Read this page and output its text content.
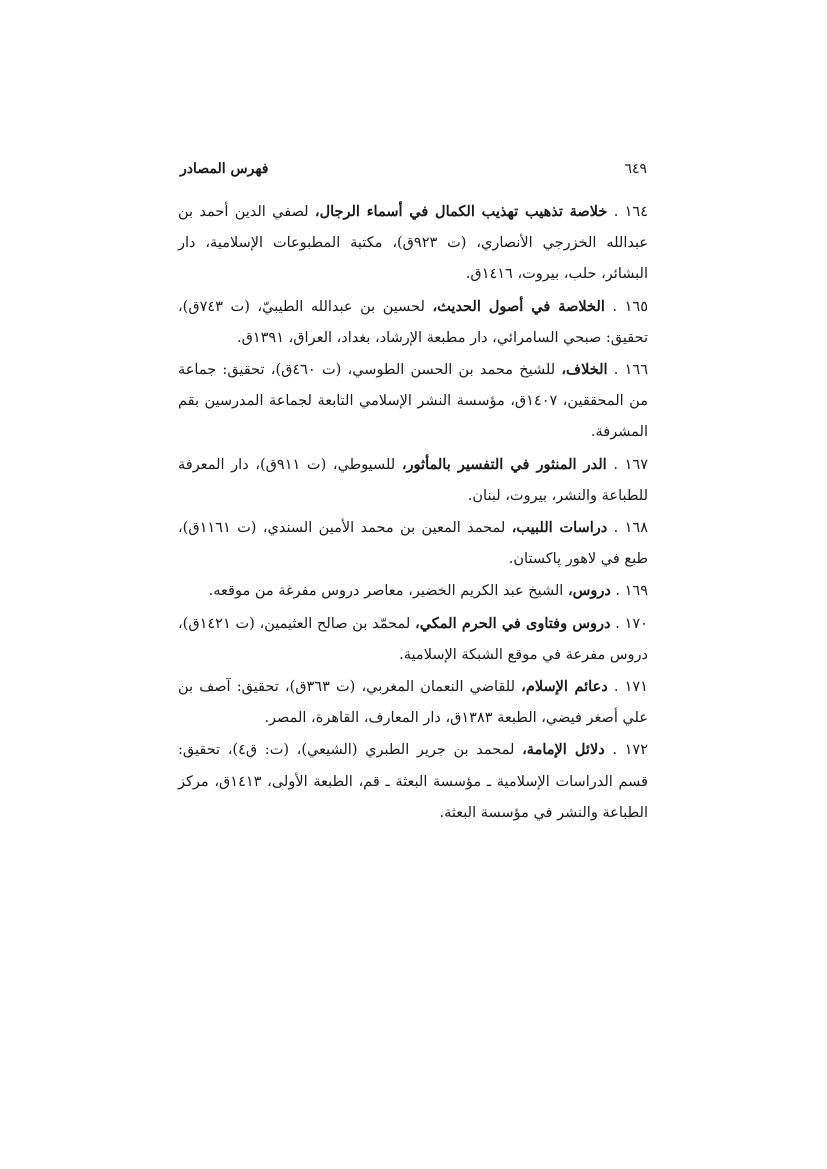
فهرس المصادر	٦٤٩

١٦٤ . خلاصة تذهيب تهذيب الكمال في أسماء الرجال، لصفي الدين أحمد بن عبدالله الخزرجي الأنصاري، (ت ٩٢٣ق)، مكتبة المطبوعات الإسلامية، دار البشائر، حلب، بيروت، ١٤١٦ق.

١٦٥ . الخلاصة في أصول الحديث، لحسين بن عبدالله الطيبيّ، (ت ٧٤٣ق)، تحقيق: صبحي السامرائي، دار مطبعة الإرشاد، بغداد، العراق، ١٣٩١ق.

١٦٦ . الخلاف، للشيخ محمد بن الحسن الطوسي، (ت ٤٦٠ق)، تحقيق: جماعة من المحققين، ١٤٠٧ق، مؤسسة النشر الإسلامي التابعة لجماعة المدرسين بقم المشرفة.

١٦٧ . الدر المنثور في التفسير بالمأثور، للسيوطي، (ت ٩١١ق)، دار المعرفة للطباعة والنشر، بيروت، لبنان.

١٦٨ . دراسات اللبيب، لمحمد المعين بن محمد الأمين السندي، (ت ١١٦١ق)، طبع في لاهور پاكستان.

١٦٩ . دروس، الشيخ عبد الكريم الخضير، معاصر دروس مفرغة من موقعه.

١٧٠ . دروس وفتاوى في الحرم المكي، لمحمّد بن صالح العثيمين، (ت ١٤٢١ق)، دروس مفرعة في موقع الشبكة الإسلامية.

١٧١ . دعائم الإسلام، للقاضي النعمان المغربي، (ت ٣٦٣ق)، تحقيق: آصف بن علي أصغر فيضي، الطبعة ١٣٨٣ق، دار المعارف، القاهرة، المصر.

١٧٢ . دلائل الإمامة، لمحمد بن جرير الطبري (الشيعي)، (ت: ق٤)، تحقيق: قسم الدراسات الإسلامية ـ مؤسسة البعثة ـ قم، الطبعة الأولى، ١٤١٣ق، مركز الطباعة والنشر في مؤسسة البعثة.
